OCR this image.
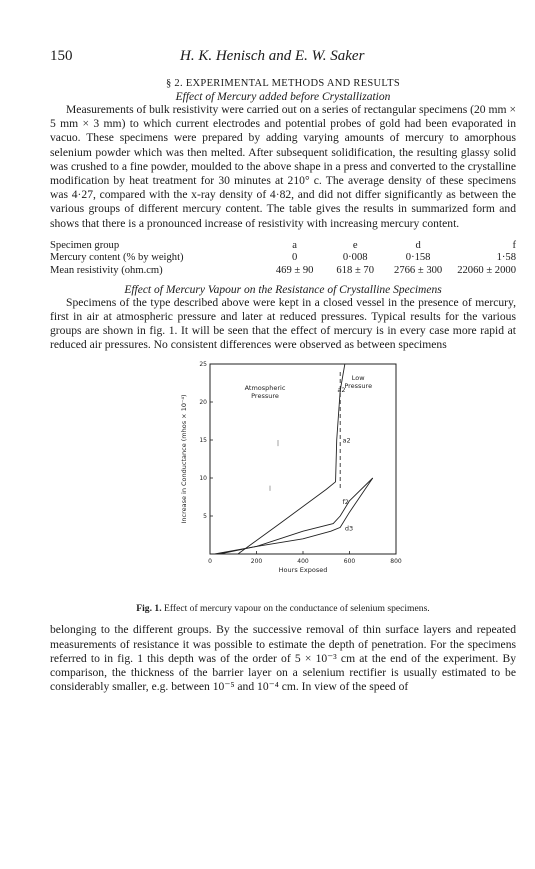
150	H. K. Henisch and E. W. Saker
§ 2. EXPERIMENTAL METHODS AND RESULTS
Effect of Mercury added before Crystallization

Measurements of bulk resistivity were carried out on a series of rectangular specimens (20 mm × 5 mm × 3 mm) to which current electrodes and potential probes of gold had been evaporated in vacuo. These specimens were prepared by adding varying amounts of mercury to amorphous selenium powder which was then melted. After subsequent solidification, the resulting glassy solid was crushed to a fine powder, moulded to the above shape in a press and converted to the crystalline modification by heat treatment for 30 minutes at 210° c. The average density of these specimens was 4·27, compared with the x-ray density of 4·82, and did not differ significantly as between the various groups of different mercury content. The table gives the results in summarized form and shows that there is a pronounced increase of resistivity with increasing mercury content.

Specimen group	a	e	d	f
Mercury content (% by weight)	0	0·008	0·158	1·58
Mean resistivity (ohm.cm)	469 ± 90	618 ± 70	2766 ± 300	22060 ± 2000
Effect of Mercury Vapour on the Resistance of Crystalline Specimens

Specimens of the type described above were kept in a closed vessel in the presence of mercury, first in air at atmospheric pressure and later at reduced pressures. Typical results for the various groups are shown in fig. 1. It will be seen that the effect of mercury is in every case more rapid at reduced air pressures. No consistent differences were observed as between specimens

0	200	400	600	800
5
10
15
20
25
Hours Exposed
Increase in Conductance (mhos × 10⁻⁴)
Atmospheric Pressure
Low Pressure
a2
f2
d3
a2
Fig. 1. Effect of mercury vapour on the conductance of selenium specimens.

belonging to the different groups. By the successive removal of thin surface layers and repeated measurements of resistance it was possible to estimate the depth of penetration. For the specimens referred to in fig. 1 this depth was of the order of 5 × 10⁻³ cm at the end of the experiment. By comparison, the thickness of the barrier layer on a selenium rectifier is usually estimated to be considerably smaller, e.g. between 10⁻⁵ and 10⁻⁴ cm. In view of the speed of
